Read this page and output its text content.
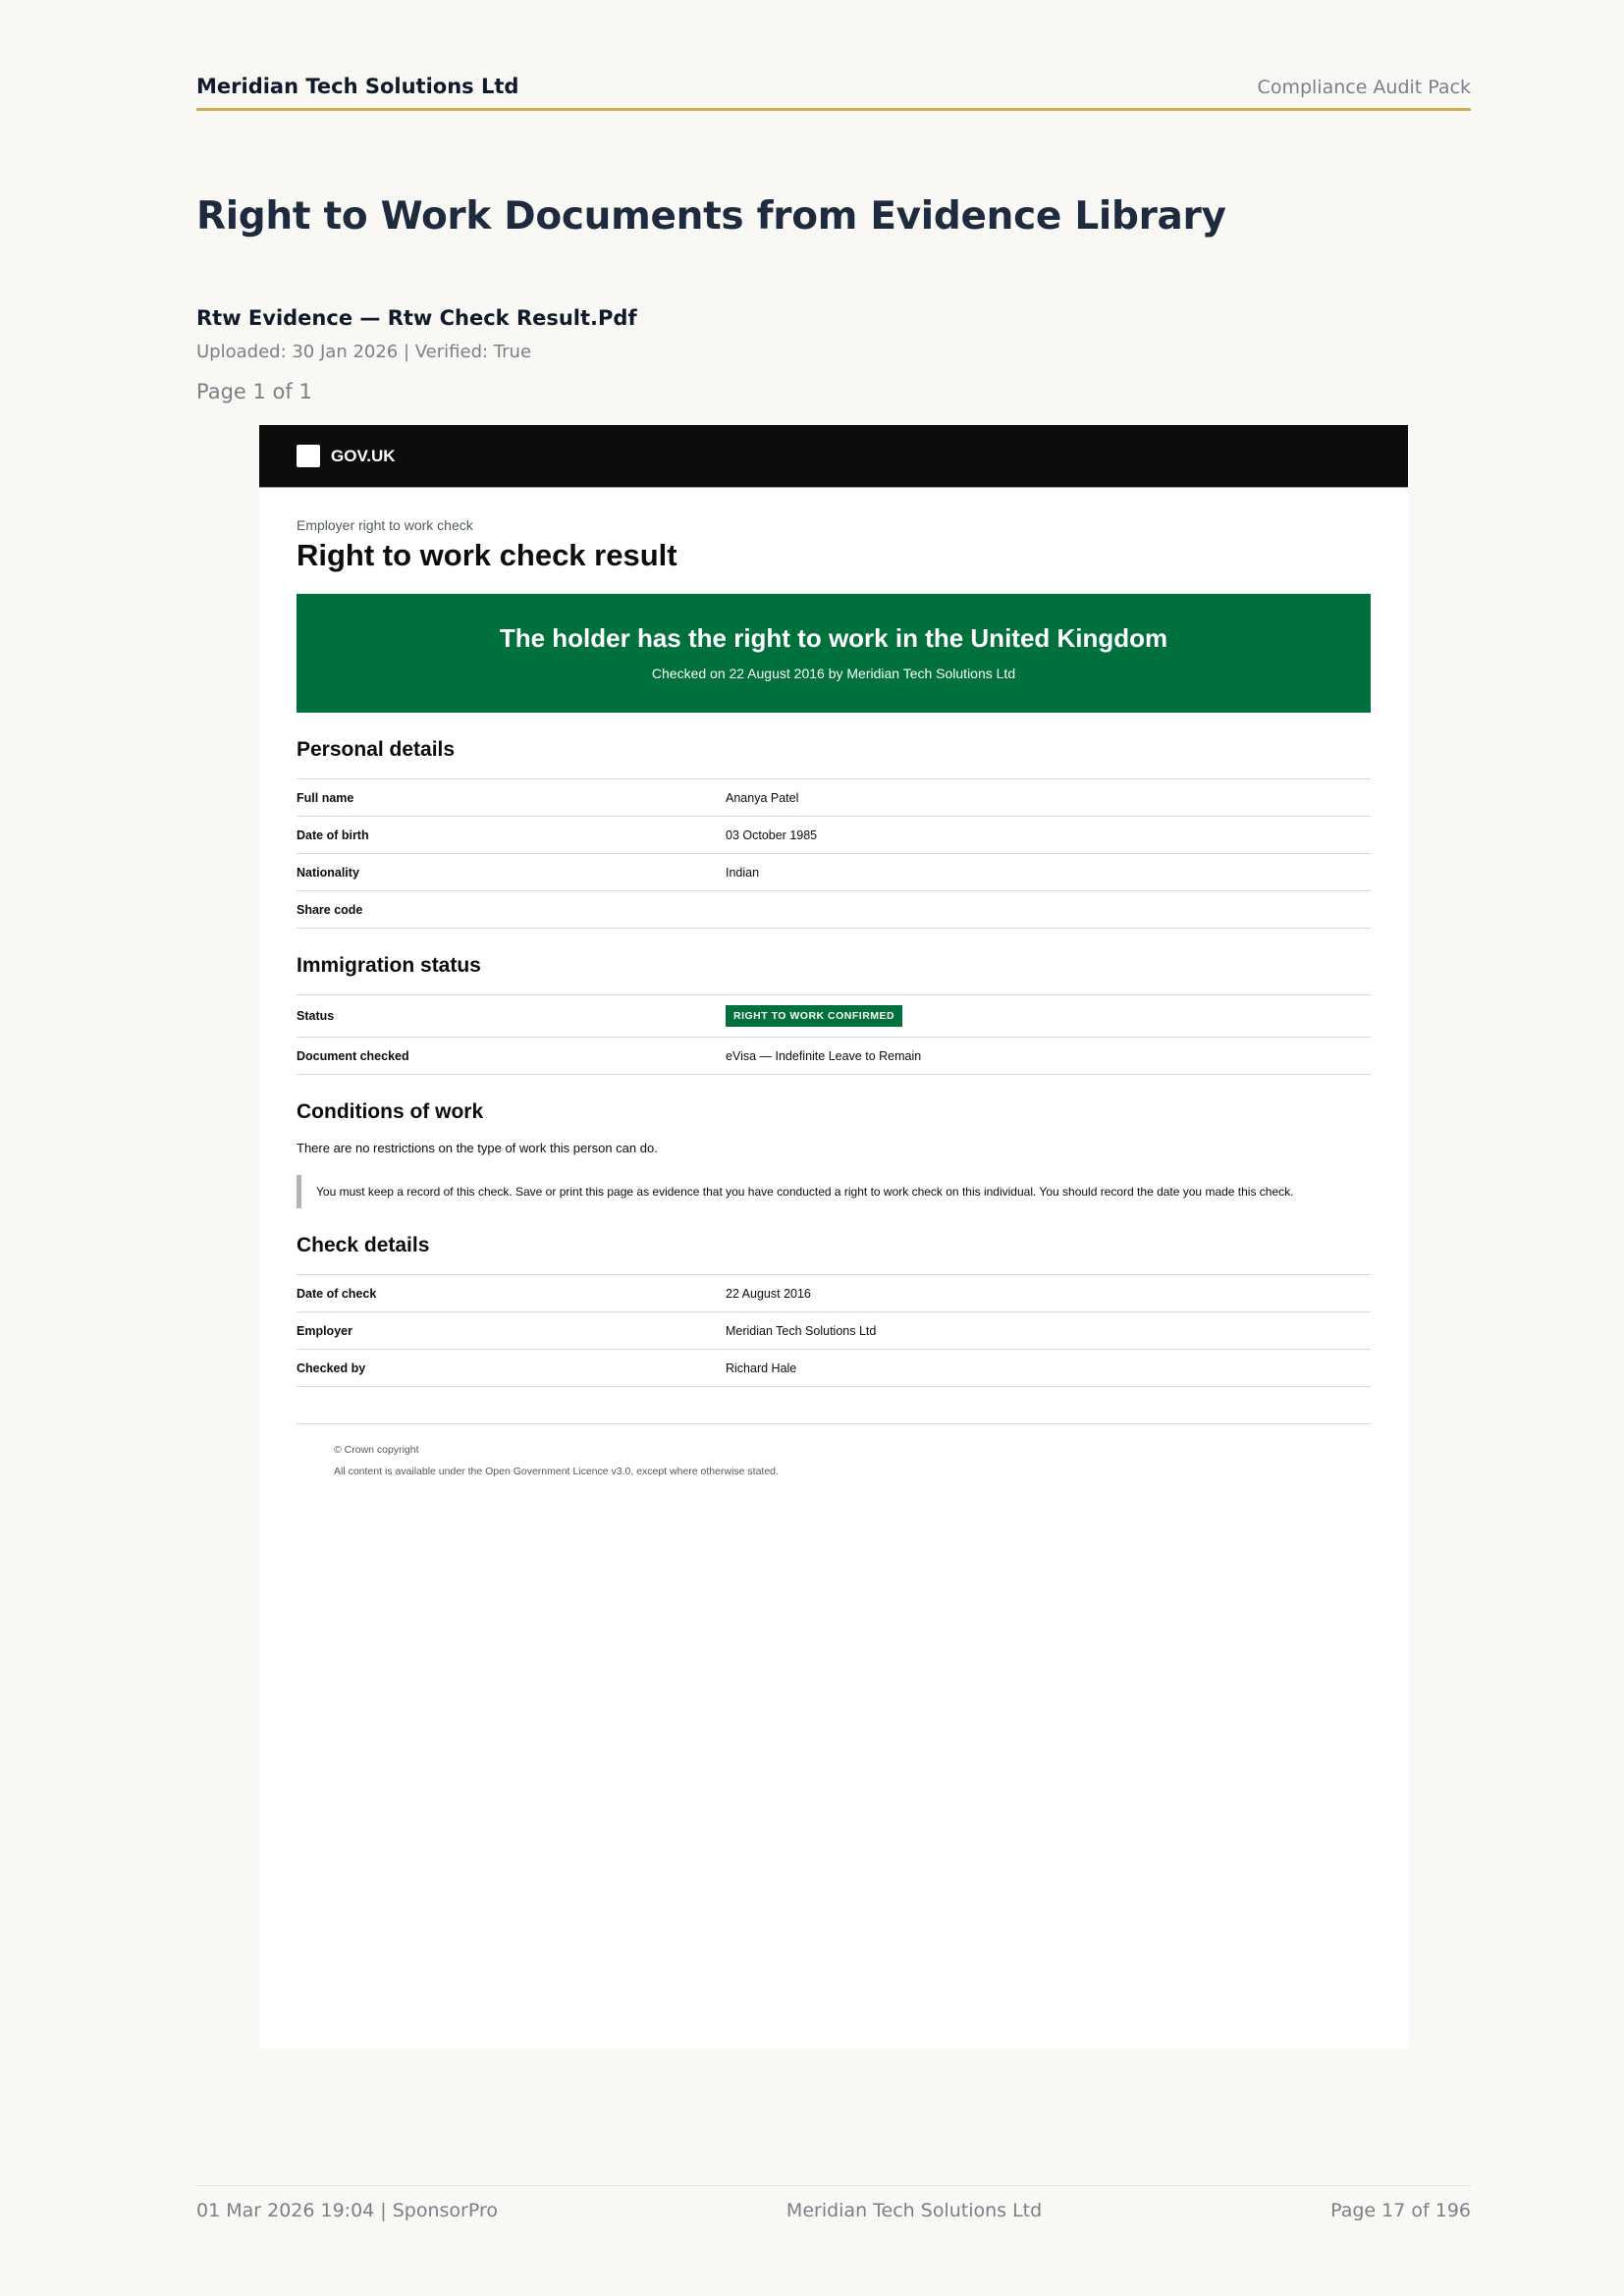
Meridian Tech Solutions Ltd	Compliance Audit Pack
Right to Work Documents from Evidence Library
Rtw Evidence — Rtw Check Result.Pdf
Uploaded: 30 Jan 2026 | Verified: True
Page 1 of 1
GOV.UK
Employer right to work check
Right to work check result
The holder has the right to work in the United Kingdom
Checked on 22 August 2016 by Meridian Tech Solutions Ltd
Personal details
Full name	Ananya Patel
Date of birth	03 October 1985
Nationality	Indian
Share code
Immigration status
Status	RIGHT TO WORK CONFIRMED
Document checked	eVisa — Indefinite Leave to Remain
Conditions of work
There are no restrictions on the type of work this person can do.
You must keep a record of this check. Save or print this page as evidence that you have conducted a right to work check on this individual. You should record the date you made this check.
Check details
Date of check	22 August 2016
Employer	Meridian Tech Solutions Ltd
Checked by	Richard Hale
© Crown copyright
All content is available under the Open Government Licence v3.0, except where otherwise stated.
01 Mar 2026 19:04 | SponsorPro	Meridian Tech Solutions Ltd	Page 17 of 196
